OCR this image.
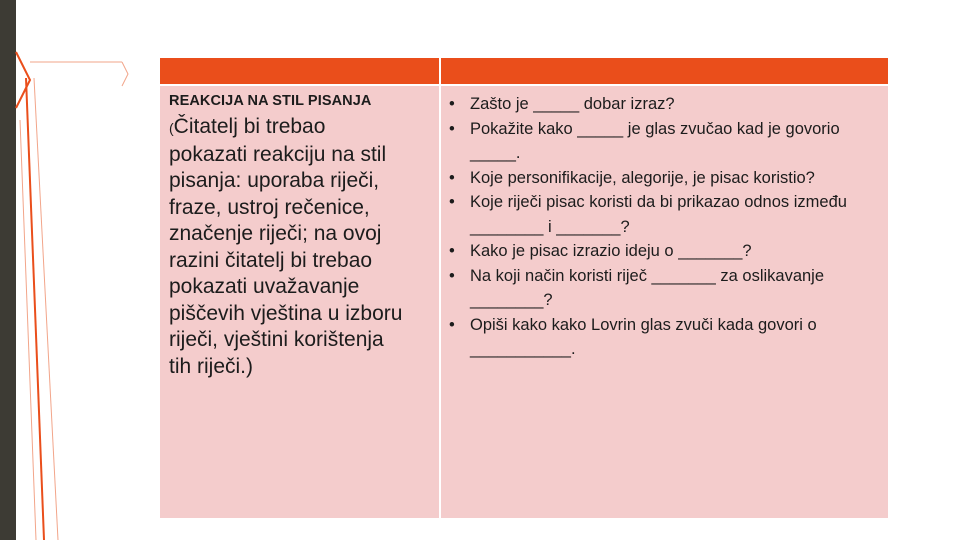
REAKCIJA NA STIL PISANJA

(Čitatelj bi trebao
pokazati reakciju na stil
pisanja: uporaba riječi,
fraze, ustroj rečenice,
značenje riječi; na ovoj
razini čitatelj bi trebao
pokazati uvažavanje
piščevih vještina u izboru
riječi, vještini korištenja
tih riječi.)

• Zašto je _____ dobar izraz?
• Pokažite kako _____ je glas zvučao kad je govorio _____.
• Koje personifikacije, alegorije, je pisac koristio?
• Koje riječi pisac koristi da bi prikazao odnos između ________ i _______?
• Kako je pisac izrazio ideju o _______?
• Na koji način koristi riječ _______ za oslikavanje ________?
• Opiši kako kako Lovrin glas zvuči kada govori o ___________.
